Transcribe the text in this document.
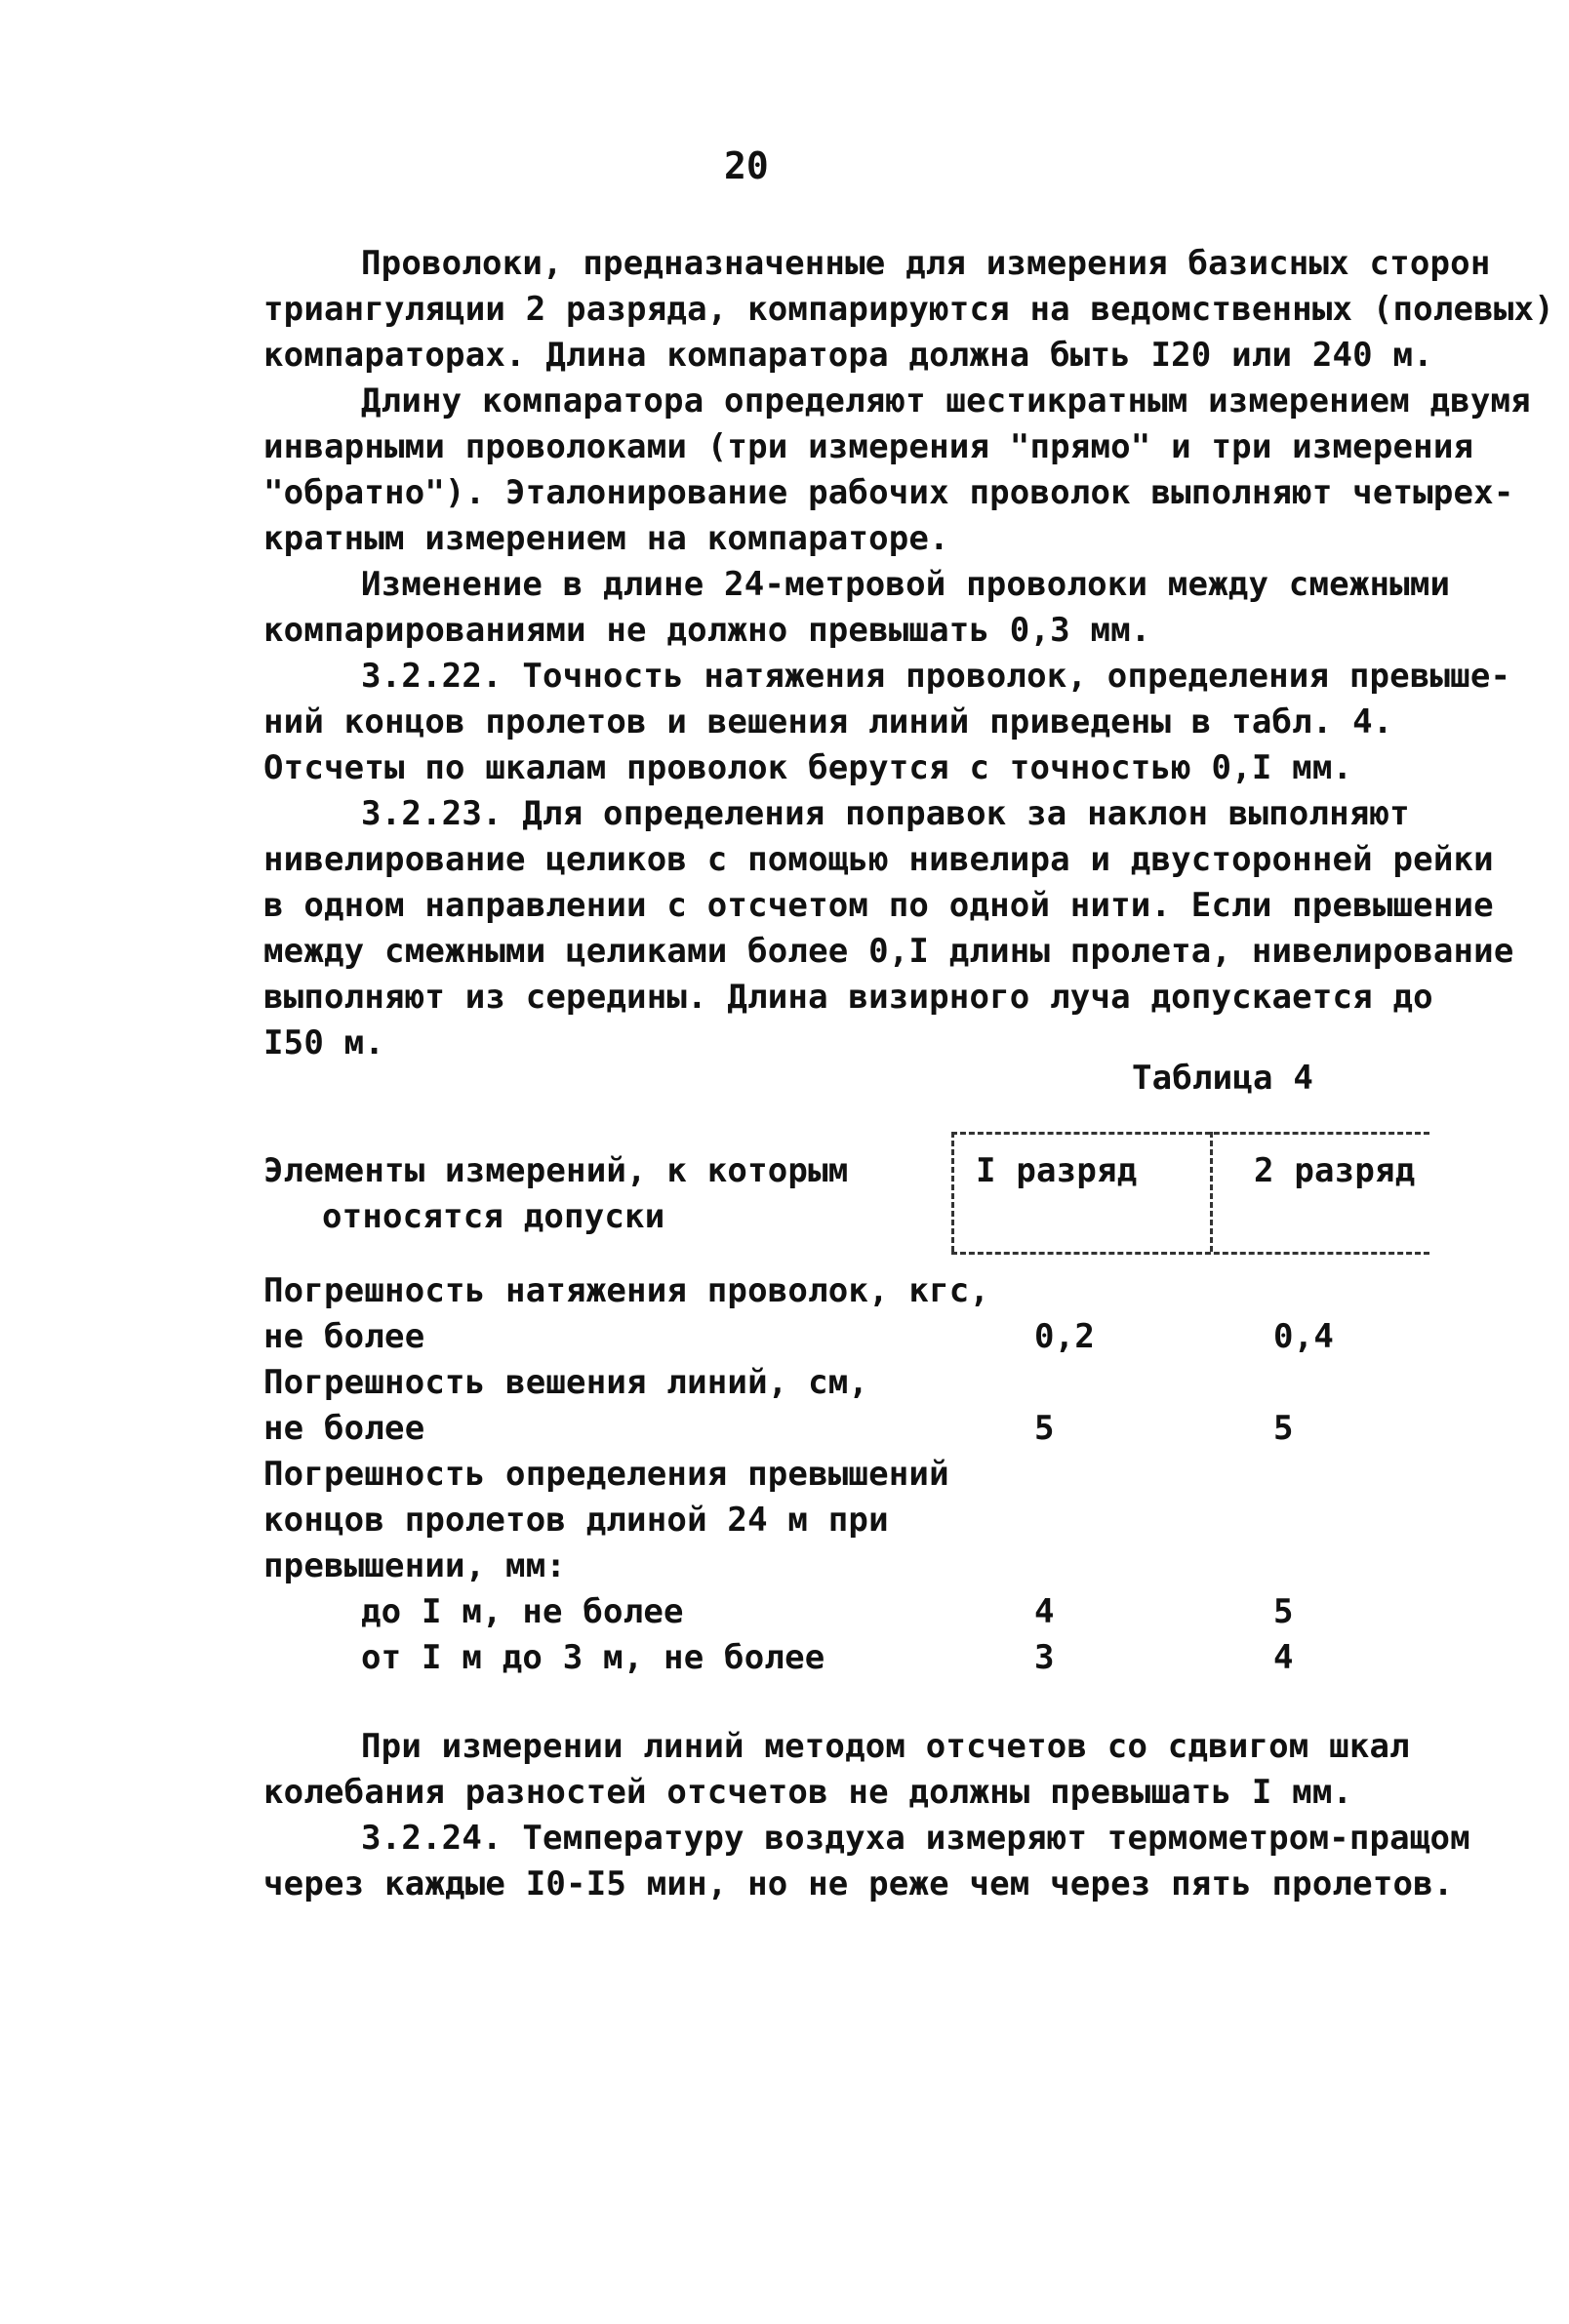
20
Проволоки, предназначенные для измерения базисных сторон
триангуляции 2 разряда, компарируются на ведомственных (полевых)
компараторах. Длина компаратора должна быть I20 или 240 м.
Длину компаратора определяют шестикратным измерением двумя
инварными проволоками (три измерения "прямо" и три измерения
"обратно"). Эталонирование рабочих проволок выполняют четырех-
кратным измерением на компараторе.
Изменение в длине 24-метровой проволоки между смежными
компарированиями не должно превышать 0,3 мм.
3.2.22. Точность натяжения проволок, определения превыше-
ний концов пролетов и вешения линий приведены в табл. 4.
Отсчеты по шкалам проволок берутся с точностью 0,I мм.
3.2.23. Для определения поправок за наклон выполняют
нивелирование целиков с помощью нивелира и двусторонней рейки
в одном направлении с отсчетом по одной нити. Если превышение
между смежными целиками более 0,I длины пролета, нивелирование
выполняют из середины. Длина визирного луча допускается до
I50 м.
Таблица 4
Элементы измерений, к которым
относятся допуски
I разряд	2 разряд
Погрешность натяжения проволок, кгс,
не более	0,2	0,4
Погрешность вешения линий, см,
не более	5	5
Погрешность определения превышений
концов пролетов длиной 24 м при
превышении, мм:
до I м, не более	4	5
от I м до 3 м, не более	3	4
При измерении линий методом отсчетов со сдвигом шкал
колебания разностей отсчетов не должны превышать I мм.
3.2.24. Температуру воздуха измеряют термометром-пращом
через каждые I0-I5 мин, но не реже чем через пять пролетов.
